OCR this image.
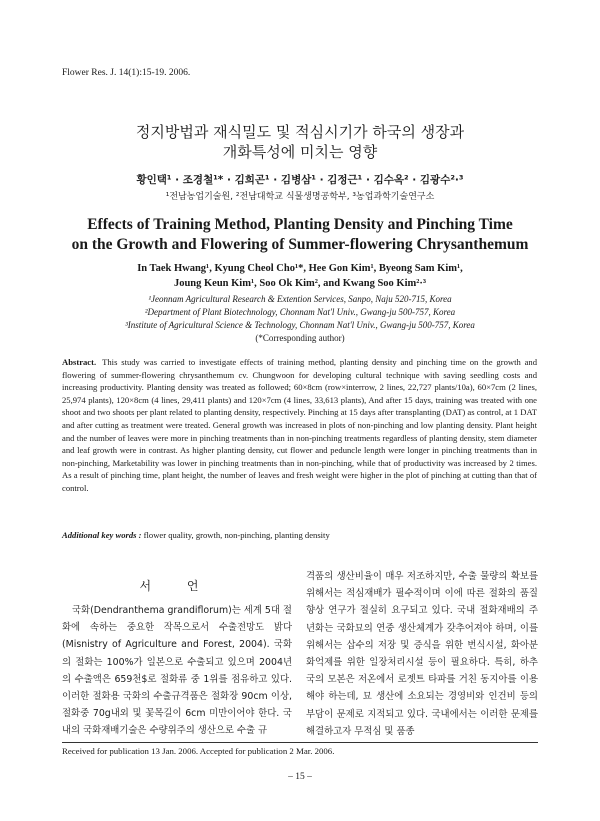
Flower Res. J. 14(1):15-19. 2006.
정지방법과 재식밀도 및 적심시기가 하국의 생장과
개화특성에 미치는 영향
황인택¹ · 조경철¹* · 김희곤¹ · 김병삼¹ · 김정근¹ · 김수옥² · 김광수²·³
¹전남농업기술원, ²전남대학교 식물생명공학부, ³농업과학기술연구소
Effects of Training Method, Planting Density and Pinching Time
on the Growth and Flowering of Summer-flowering Chrysanthemum
In Taek Hwang¹, Kyung Cheol Cho¹*, Hee Gon Kim¹, Byeong Sam Kim¹,
Joung Keun Kim¹, Soo Ok Kim², and Kwang Soo Kim²·³
¹Jeonnam Agricultural Research & Extention Services, Sanpo, Naju 520-715, Korea
²Department of Plant Biotechnology, Chonnam Nat'l Univ., Gwang-ju 500-757, Korea
³Institute of Agricultural Science & Technology, Chonnam Nat'l Univ., Gwang-ju 500-757, Korea
(*Corresponding author)
Abstract. This study was carried to investigate effects of training method, planting density and pinching time on the growth and flowering of summer-flowering chrysanthemum cv. Chungwoon for developing cultural technique with saving seedling costs and increasing productivity. Planting density was treated as followed; 60×8cm (row×interrow, 2 lines, 22,727 plants/10a), 60×7cm (2 lines, 25,974 plants), 120×8cm (4 lines, 29,411 plants) and 120×7cm (4 lines, 33,613 plants), And after 15 days, training was treated with one shoot and two shoots per plant related to planting density, respectively. Pinching at 15 days after transplanting (DAT) as control, at 1 DAT and after cutting as treatment were treated. General growth was increased in plots of non-pinching and low planting density. Plant height and the number of leaves were more in pinching treatments than in non-pinching treatments regardless of planting density, stem diameter and leaf growth were in contrast. As higher planting density, cut flower and peduncle length were longer in pinching treatments than in non-pinching, Marketability was lower in pinching treatments than in non-pinching, while that of productivity was increased by 2 times. As a result of pinching time, plant height, the number of leaves and fresh weight were higher in the plot of pinching at cutting than that of control.
Additional key words : flower quality, growth, non-pinching, planting density
서 언

국화(Dendranthema grandiflorum)는 세계 5대 절화에 속하는 중요한 작목으로서 수출전망도 밝다(Misnistry of Agriculture and Forest, 2004). 국화의 절화는 100%가 일본으로 수출되고 있으며 2004년의 수출액은 659천$로 절화류 중 1위를 점유하고 있다. 이러한 절화용 국화의 수출규격품은 절화장 90cm 이상, 절화중 70g내외 및 꽃목길이 6cm 미만이어야 한다. 국내의 국화재배기술은 수량위주의 생산으로 수출 규

격품의 생산비율이 매우 저조하지만, 수출 물량의 확보를 위해서는 적심재배가 필수적이며 이에 따른 절화의 품질향상 연구가 절실히 요구되고 있다. 국내 절화재배의 주년화는 국화묘의 연중 생산체계가 갖추어져야 하며, 이를 위해서는 삽수의 저장 및 증식을 위한 번식시설, 화아분화억제를 위한 일장처리시설 등이 필요하다. 특히, 하추국의 모본은 저온에서 로젯트 타파를 거친 동지아를 이용해야 하는데, 묘 생산에 소요되는 경영비와 인건비 등의 부담이 문제로 지적되고 있다. 국내에서는 이러한 문제를 해결하고자 무적심 및 품종

Received for publication 13 Jan. 2006. Accepted for publication 2 Mar. 2006.
– 15 –
